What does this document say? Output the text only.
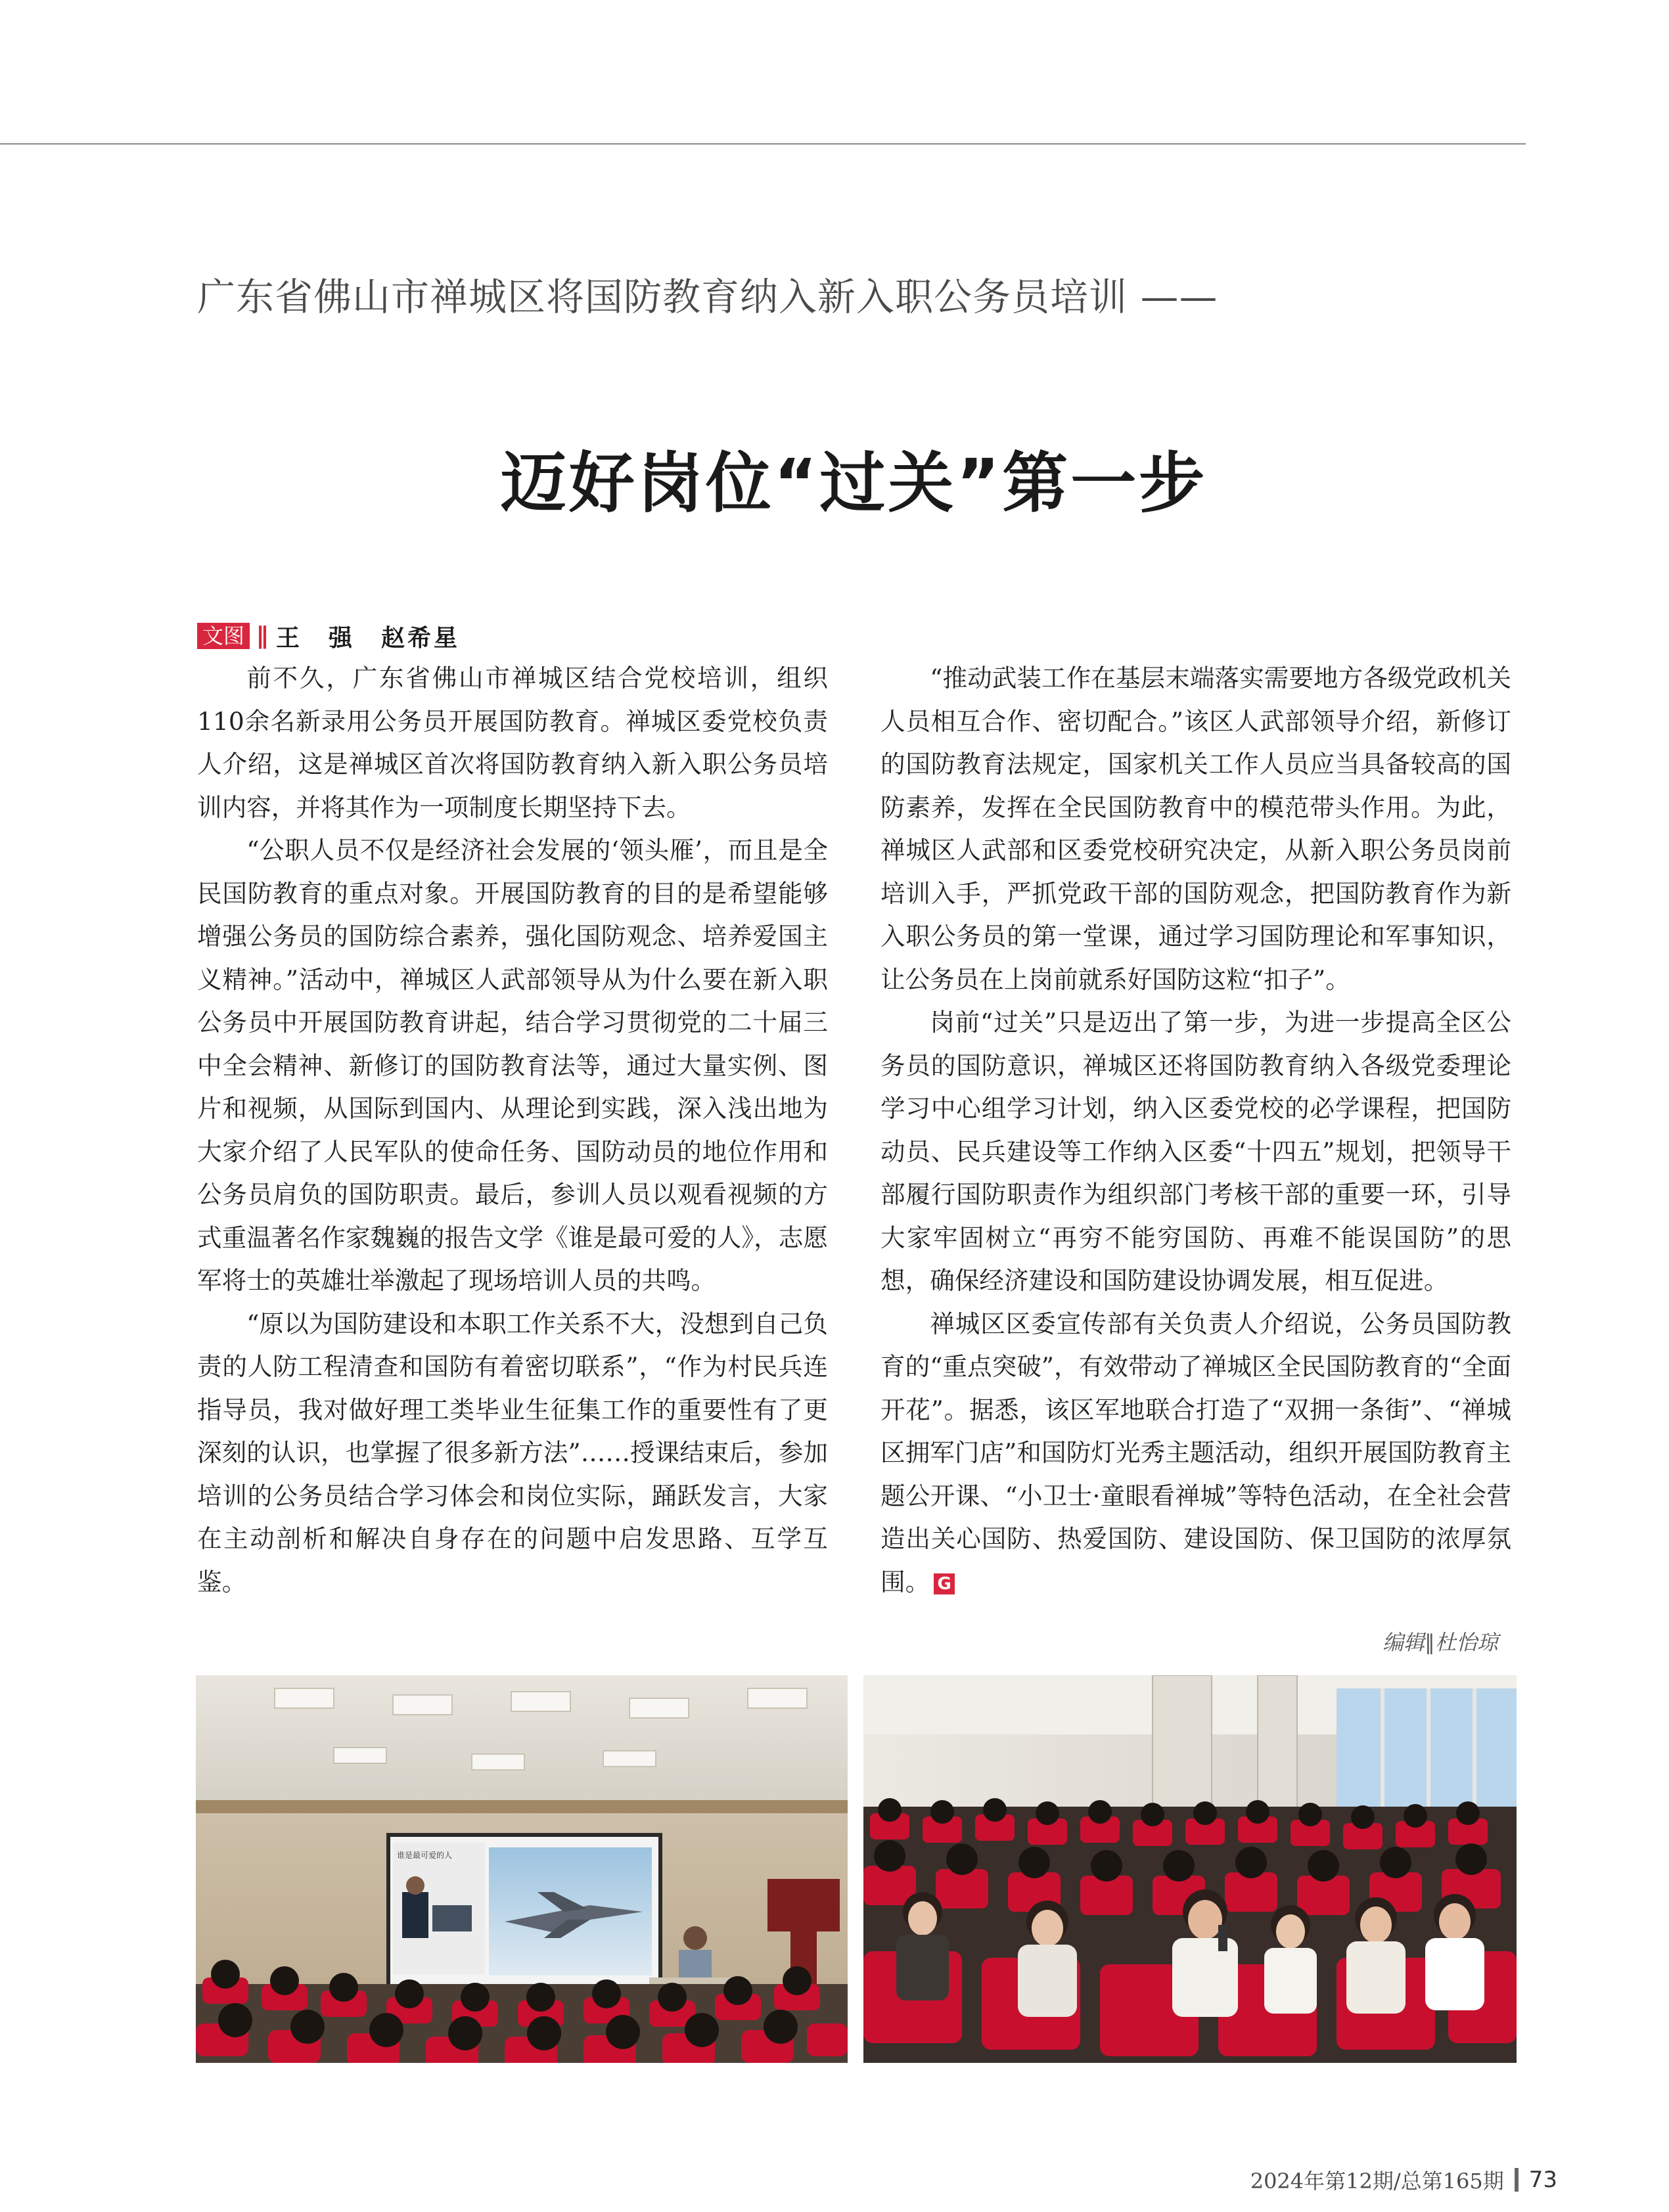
广东省佛山市禅城区将国防教育纳入新入职公务员培训 ——
迈好岗位“过关”第一步
文图 ∥ 王　强　赵希星

前不久，广东省佛山市禅城区结合党校培训，组织110余名新录用公务员开展国防教育。禅城区委党校负责人介绍，这是禅城区首次将国防教育纳入新入职公务员培训内容，并将其作为一项制度长期坚持下去。

“公职人员不仅是经济社会发展的‘领头雁’，而且是全民国防教育的重点对象。开展国防教育的目的是希望能够增强公务员的国防综合素养，强化国防观念、培养爱国主义精神。”活动中，禅城区人武部领导从为什么要在新入职公务员中开展国防教育讲起，结合学习贯彻党的二十届三中全会精神、新修订的国防教育法等，通过大量实例、图片和视频，从国际到国内、从理论到实践，深入浅出地为大家介绍了人民军队的使命任务、国防动员的地位作用和公务员肩负的国防职责。最后，参训人员以观看视频的方式重温著名作家魏巍的报告文学《谁是最可爱的人》，志愿军将士的英雄壮举激起了现场培训人员的共鸣。

“原以为国防建设和本职工作关系不大，没想到自己负责的人防工程清查和国防有着密切联系”，“作为村民兵连指导员，我对做好理工类毕业生征集工作的重要性有了更深刻的认识，也掌握了很多新方法”……授课结束后，参加培训的公务员结合学习体会和岗位实际，踊跃发言，大家在主动剖析和解决自身存在的问题中启发思路、互学互鉴。

“推动武装工作在基层末端落实需要地方各级党政机关人员相互合作、密切配合。”该区人武部领导介绍，新修订的国防教育法规定，国家机关工作人员应当具备较高的国防素养，发挥在全民国防教育中的模范带头作用。为此，禅城区人武部和区委党校研究决定，从新入职公务员岗前培训入手，严抓党政干部的国防观念，把国防教育作为新入职公务员的第一堂课，通过学习国防理论和军事知识，让公务员在上岗前就系好国防这粒“扣子”。

岗前“过关”只是迈出了第一步，为进一步提高全区公务员的国防意识，禅城区还将国防教育纳入各级党委理论学习中心组学习计划，纳入区委党校的必学课程，把国防动员、民兵建设等工作纳入区委“十四五”规划，把领导干部履行国防职责作为组织部门考核干部的重要一环，引导大家牢固树立“再穷不能穷国防、再难不能误国防”的思想，确保经济建设和国防建设协调发展，相互促进。

禅城区区委宣传部有关负责人介绍说，公务员国防教育的“重点突破”，有效带动了禅城区全民国防教育的“全面开花”。据悉，该区军地联合打造了“双拥一条街”、“禅城区拥军门店”和国防灯光秀主题活动，组织开展国防教育主题公开课、“小卫士·童眼看禅城”等特色活动，在全社会营造出关心国防、热爱国防、建设国防、保卫国防的浓厚氛围。 G

编辑∥杜怡琼
谁是最可爱的人
2024年第12期/总第165期 73
